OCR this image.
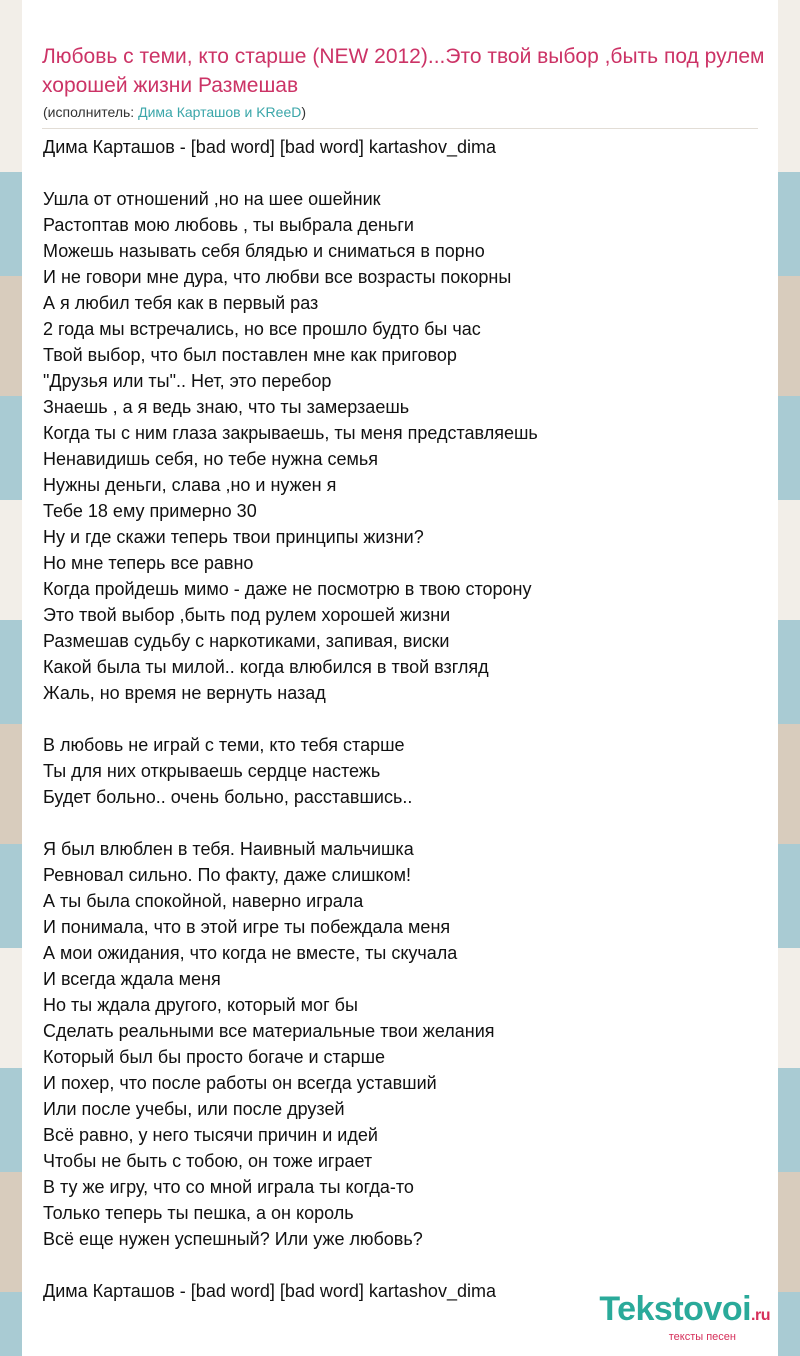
Любовь с теми, кто старше (NEW 2012)...Это твой выбор ,быть под рулем хорошей жизни Размешав
(исполнитель: Дима Карташов и KReeD)
Дима Карташов - [bad word] [bad word] kartashov_dima
Ушла от отношений ,но на шее ошейник
Растоптав мою любовь , ты выбрала деньги
Можешь называть себя блядью и сниматься в порно
И не говори мне дура, что любви все возрасты покорны
А я любил тебя как в первый раз
2 года мы встречались, но все прошло будто бы час
Твой выбор, что был поставлен мне как приговор
"Друзья или ты".. Нет, это перебор
Знаешь , а я ведь знаю, что ты замерзаешь
Когда ты с ним глаза закрываешь, ты меня представляешь
Ненавидишь себя, но тебе нужна семья
Нужны деньги, слава ,но и нужен я
Тебе 18 ему примерно 30
Ну и где скажи теперь твои принципы жизни?
Но мне теперь все равно
Когда пройдешь мимо - даже не посмотрю в твою сторону
Это твой выбор ,быть под рулем хорошей жизни
Размешав судьбу с наркотиками, запивая, виски
Какой была ты милой.. когда влюбился в твой взгляд
Жаль, но время не вернуть назад
В любовь не играй с теми, кто тебя старше
Ты для них открываешь сердце настежь
Будет больно.. очень больно, расставшись..
Я был влюблен в тебя. Наивный мальчишка
Ревновал сильно. По факту, даже слишком!
А ты была спокойной, наверно играла
И понимала, что в этой игре ты побеждала меня
А мои ожидания, что когда не вместе, ты скучала
И всегда ждала меня
Но ты ждала другого, который мог бы
Сделать реальными все материальные твои желания
Который был бы просто богаче и старше
И похер, что после работы он всегда уставший
Или после учебы, или после друзей
Всё равно, у него тысячи причин и идей
Чтобы не быть с тобою, он тоже играет
В ту же игру, что со мной играла ты когда-то
Только теперь ты пешка, а он король
Всё еще нужен успешный? Или уже любовь?
Дима Карташов - [bad word] [bad word] kartashov_dima	Tekstovoi.ru
тексты песен
